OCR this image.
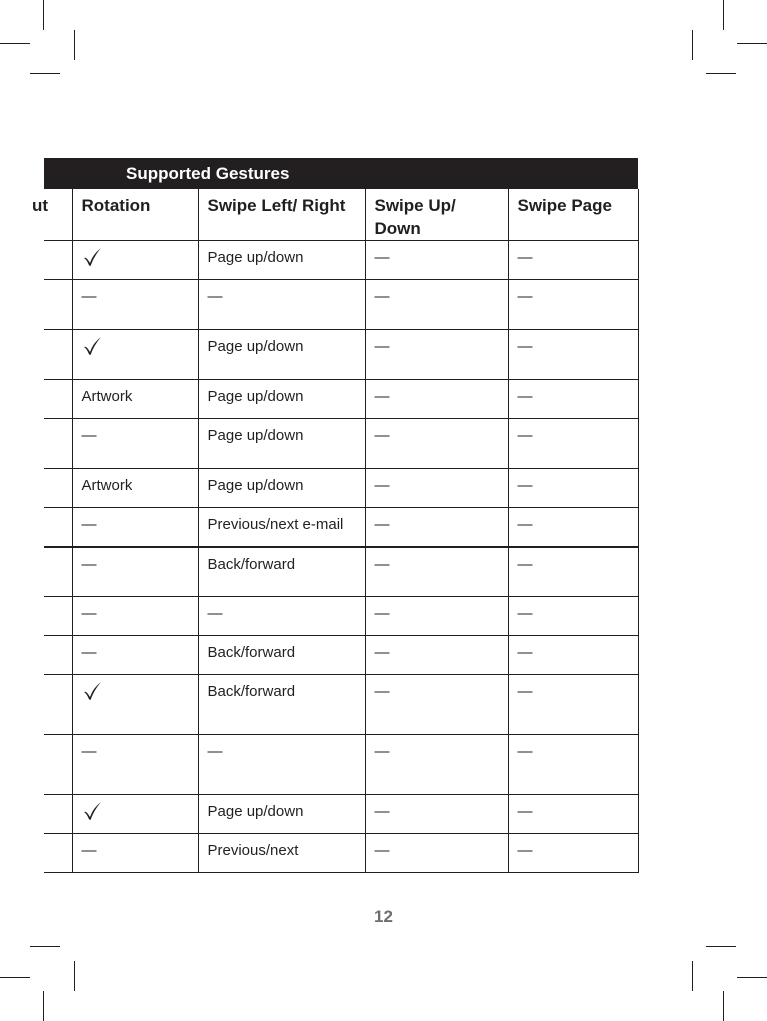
Supported Gestures
ut	Rotation	Swipe Left/ Right	Swipe Up/ Down	Swipe Page
		Page up/down	—	—
	—	—	—	—
		Page up/down	—	—
	Artwork	Page up/down	—	—
	—	Page up/down	—	—
	Artwork	Page up/down	—	—
	—	Previous/next e-mail	—	—
	—	Back/forward	—	—
	—	—	—	—
	—	Back/forward	—	—
		Back/forward	—	—
	—	—	—	—
		Page up/down	—	—
	—	Previous/next	—	—
12
